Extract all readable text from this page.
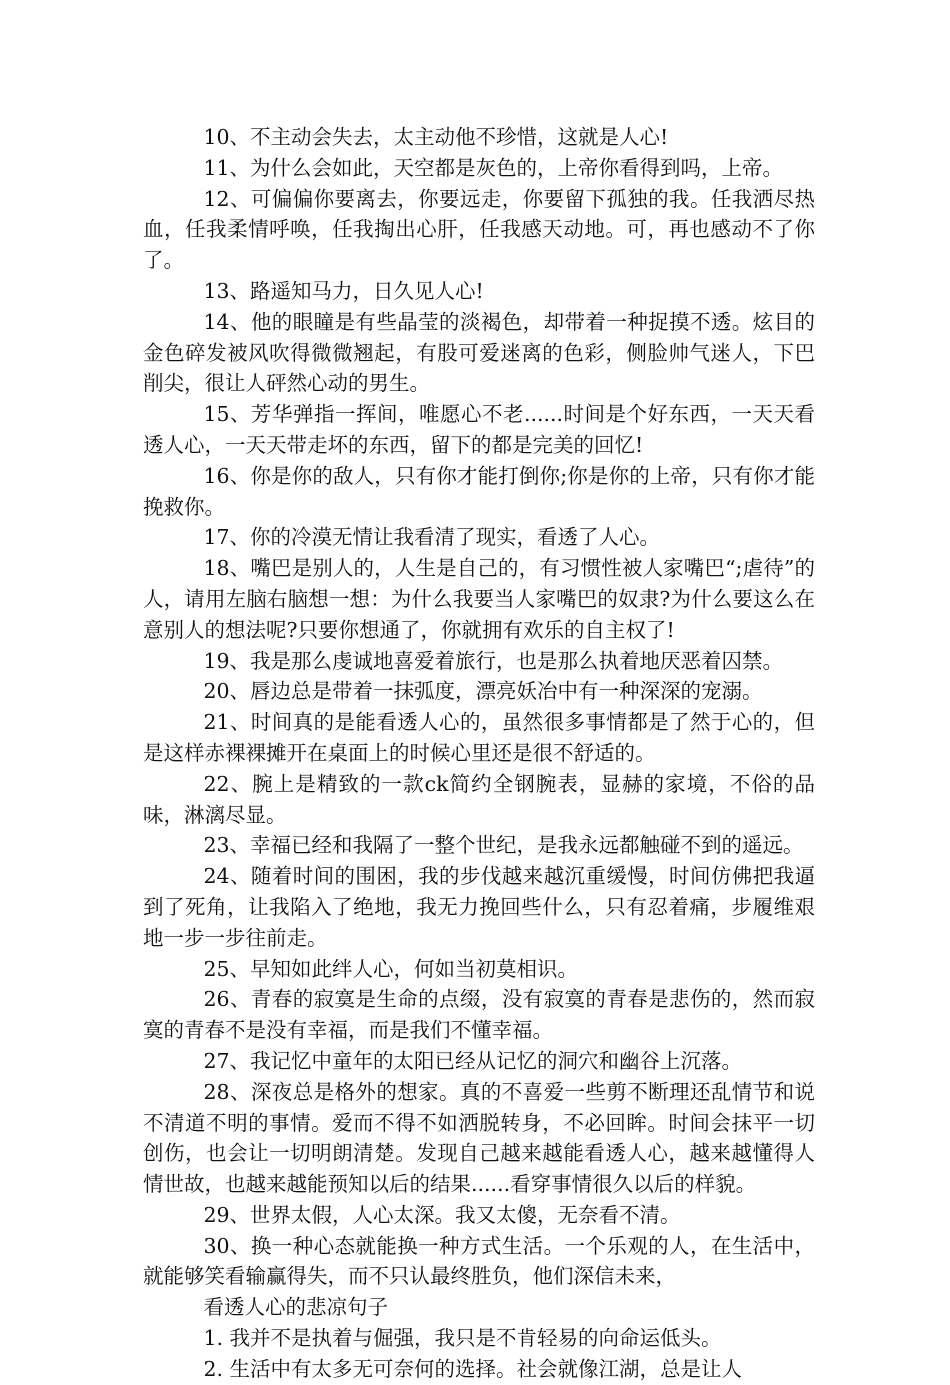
10、不主动会失去，太主动他不珍惜，这就是人心!

11、为什么会如此，天空都是灰色的，上帝你看得到吗，上帝。

12、可偏偏你要离去，你要远走，你要留下孤独的我。任我洒尽热血，任我柔情呼唤，任我掏出心肝，任我感天动地。可，再也感动不了你了。

13、路遥知马力，日久见人心!

14、他的眼瞳是有些晶莹的淡褐色，却带着一种捉摸不透。炫目的金色碎发被风吹得微微翘起，有股可爱迷离的色彩，侧脸帅气迷人，下巴削尖，很让人砰然心动的男生。

15、芳华弹指一挥间，唯愿心不老......时间是个好东西，一天天看透人心，一天天带走坏的东西，留下的都是完美的回忆!

16、你是你的敌人，只有你才能打倒你;你是你的上帝，只有你才能挽救你。

17、你的冷漠无情让我看清了现实，看透了人心。

18、嘴巴是别人的，人生是自己的，有习惯性被人家嘴巴“;虐待”的人，请用左脑右脑想一想：为什么我要当人家嘴巴的奴隶?为什么要这么在意别人的想法呢?只要你想通了，你就拥有欢乐的自主权了!

19、我是那么虔诚地喜爱着旅行，也是那么执着地厌恶着囚禁。

20、唇边总是带着一抹弧度，漂亮妖冶中有一种深深的宠溺。

21、时间真的是能看透人心的，虽然很多事情都是了然于心的，但是这样赤裸裸摊开在桌面上的时候心里还是很不舒适的。

22、腕上是精致的一款ck简约全钢腕表，显赫的家境，不俗的品味，淋漓尽显。

23、幸福已经和我隔了一整个世纪，是我永远都触碰不到的遥远。

24、随着时间的围困，我的步伐越来越沉重缓慢，时间仿佛把我逼到了死角，让我陷入了绝地，我无力挽回些什么，只有忍着痛，步履维艰地一步一步往前走。

25、早知如此绊人心，何如当初莫相识。

26、青春的寂寞是生命的点缀，没有寂寞的青春是悲伤的，然而寂寞的青春不是没有幸福，而是我们不懂幸福。

27、我记忆中童年的太阳已经从记忆的洞穴和幽谷上沉落。

28、深夜总是格外的想家。真的不喜爱一些剪不断理还乱情节和说不清道不明的事情。爱而不得不如洒脱转身，不必回眸。时间会抹平一切创伤，也会让一切明朗清楚。发现自己越来越能看透人心，越来越懂得人情世故，也越来越能预知以后的结果......看穿事情很久以后的样貌。

29、世界太假，人心太深。我又太傻，无奈看不清。

30、换一种心态就能换一种方式生活。一个乐观的人，在生活中，就能够笑看输赢得失，而不只认最终胜负，他们深信未来，

看透人心的悲凉句子

1. 我并不是执着与倔强，我只是不肯轻易的向命运低头。

2. 生活中有太多无可奈何的选择。社会就像江湖，总是让人
